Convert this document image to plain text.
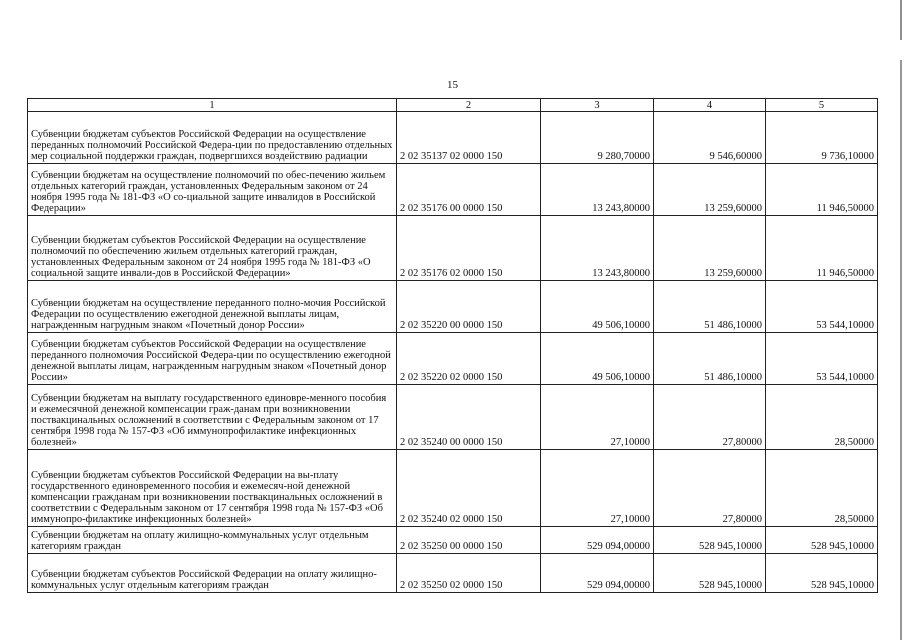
15
1	2	3	4	5
Субвенции бюджетам субъектов Российской Федерации на осуществление переданных полномочий Российской Федера-ции по предоставлению отдельных мер социальной поддержки граждан, подвергшихся воздействию радиации	2 02 35137 02 0000 150	9 280,70000	9 546,60000	9 736,10000
Субвенции бюджетам на осуществление полномочий по обес-печению жильем отдельных категорий граждан, установленных Федеральным законом от 24 ноября 1995 года № 181-ФЗ «О со-циальной защите инвалидов в Российской Федерации»	2 02 35176 00 0000 150	13 243,80000	13 259,60000	11 946,50000
Субвенции бюджетам субъектов Российской Федерации на осуществление полномочий по обеспечению жильем отдельных категорий граждан, установленных Федеральным законом от 24 ноября 1995 года № 181-ФЗ «О социальной защите инвали-дов в Российской Федерации»	2 02 35176 02 0000 150	13 243,80000	13 259,60000	11 946,50000
Субвенции бюджетам на осуществление переданного полно-мочия Российской Федерации по осуществлению ежегодной денежной выплаты лицам, награжденным нагрудным знаком «Почетный донор России»	2 02 35220 00 0000 150	49 506,10000	51 486,10000	53 544,10000
Субвенции бюджетам субъектов Российской Федерации на осуществление переданного полномочия Российской Федера-ции по осуществлению ежегодной денежной выплаты лицам, награжденным нагрудным знаком «Почетный донор России»	2 02 35220 02 0000 150	49 506,10000	51 486,10000	53 544,10000
Субвенции бюджетам на выплату государственного единовре-менного пособия и ежемесячной денежной компенсации граж-данам при возникновении поствакцинальных осложнений в соответствии с Федеральным законом от 17 сентября 1998 года № 157-ФЗ «Об иммунопрофилактике инфекционных болезней»	2 02 35240 00 0000 150	27,10000	27,80000	28,50000
Субвенции бюджетам субъектов Российской Федерации на вы-плату государственного единовременного пособия и ежемесяч-ной денежной компенсации гражданам при возникновении поствакцинальных осложнений в соответствии с Федеральным законом от 17 сентября 1998 года № 157-ФЗ «Об иммунопро-филактике инфекционных болезней»	2 02 35240 02 0000 150	27,10000	27,80000	28,50000
Субвенции бюджетам на оплату жилищно-коммунальных услуг отдельным категориям граждан	2 02 35250 00 0000 150	529 094,00000	528 945,10000	528 945,10000
Субвенции бюджетам субъектов Российской Федерации на оплату жилищно-коммунальных услуг отдельным категориям граждан	2 02 35250 02 0000 150	529 094,00000	528 945,10000	528 945,10000
